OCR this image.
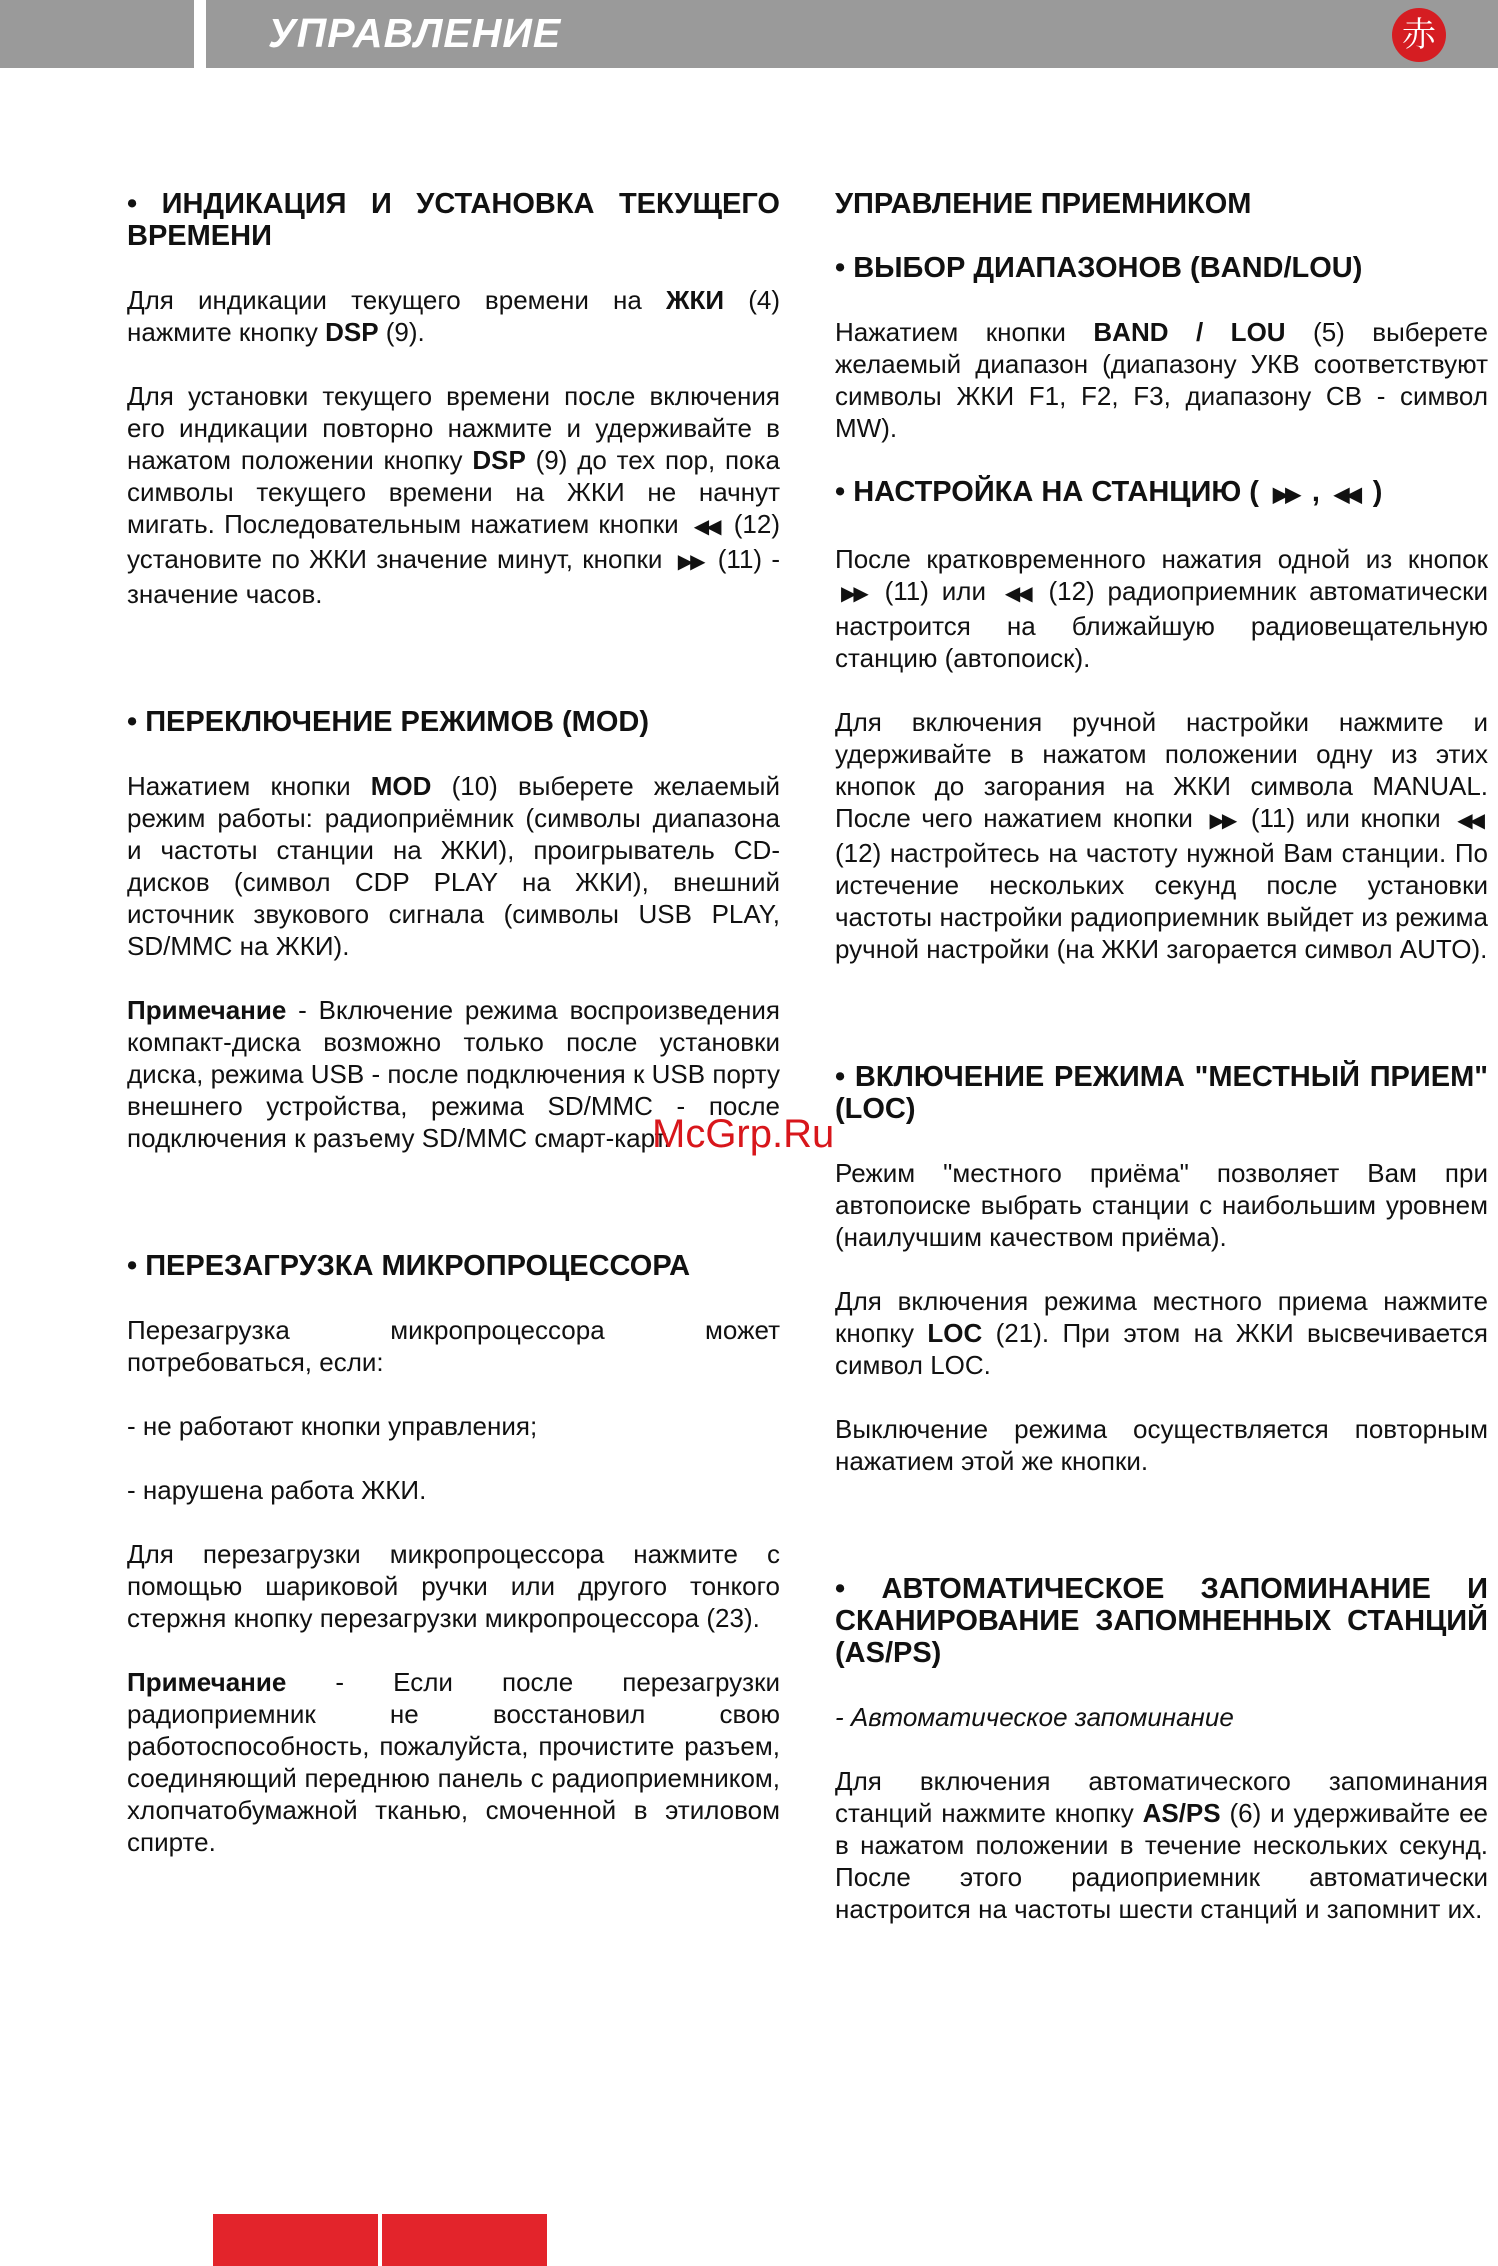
УПРАВЛЕНИЕ	赤

• ИНДИКАЦИЯ И УСТАНОВКА ТЕКУЩЕГО ВРЕМЕНИ

Для индикации текущего времени на ЖКИ (4) нажмите кнопку DSP (9).

Для установки текущего времени после включения его индикации повторно нажмите и удерживайте в нажатом положении кнопку DSP (9) до тех пор, пока символы текущего времени на ЖКИ не начнут мигать. Последовательным нажатием кнопки ◀◀ (12) установите по ЖКИ значение минут, кнопки ▶▶ (11) - значение часов.

• ПЕРЕКЛЮЧЕНИЕ РЕЖИМОВ (MOD)

Нажатием кнопки MOD (10) выберете желаемый режим работы: радиоприёмник (символы диапазона и частоты станции на ЖКИ), проигрыватель CD-дисков (символ CDP PLAY на ЖКИ), внешний источник звукового сигнала (символы USB PLAY, SD/MMC на ЖКИ).

Примечание - Включение режима воспроизведения компакт-диска возможно только после установки диска, режима USB - после подключения к USB порту внешнего устройства, режима SD/MMC - после подключения к разъему SD/MMC смарт-карт.

• ПЕРЕЗАГРУЗКА МИКРОПРОЦЕССОРА

Перезагрузка микропроцессора может потребоваться, если:

- не работают кнопки управления;

- нарушена работа ЖКИ.

Для перезагрузки микропроцессора нажмите с помощью шариковой ручки или другого тонкого стержня кнопку перезагрузки микропроцессора (23).

Примечание - Если после перезагрузки радиоприемник не восстановил свою работоспособность, пожалуйста, прочистите разъем, соединяющий переднюю панель с радиоприемником, хлопчатобумажной тканью, смоченной в этиловом спирте.

УПРАВЛЕНИЕ ПРИЕМНИКОМ

• ВЫБОР ДИАПАЗОНОВ (BAND/LOU)

Нажатием кнопки BAND / LOU (5) выберете желаемый диапазон (диапазону УКВ соответствуют символы ЖКИ F1, F2, F3, диапазону СВ - символ MW).

• НАСТРОЙКА НА СТАНЦИЮ ( ▶▶ , ◀◀ )

После кратковременного нажатия одной из кнопок ▶▶ (11) или ◀◀ (12) радиоприемник автоматически настроится на ближайшую радиовещательную станцию (автопоиск).

Для включения ручной настройки нажмите и удерживайте в нажатом положении одну из этих кнопок до загорания на ЖКИ символа MANUAL. После чего нажатием кнопки ▶▶ (11) или кнопки ◀◀ (12) настройтесь на частоту нужной Вам станции. По истечение нескольких секунд после установки частоты настройки радиоприемник выйдет из режима ручной настройки (на ЖКИ загорается символ AUTO).

• ВКЛЮЧЕНИЕ РЕЖИМА "МЕСТНЫЙ ПРИЕМ" (LOC)

Режим "местного приёма" позволяет Вам при автопоиске выбрать станции с наибольшим уровнем (наилучшим качеством приёма).

Для включения режима местного приема нажмите кнопку LOC (21). При этом на ЖКИ высвечивается символ LOC.

Выключение режима осуществляется повторным нажатием этой же кнопки.

• АВТОМАТИЧЕСКОЕ ЗАПОМИНАНИЕ И СКАНИРОВАНИЕ ЗАПОМНЕННЫХ СТАНЦИЙ (AS/PS)

- Автоматическое запоминание

Для включения автоматического запоминания станций нажмите кнопку AS/PS (6) и удерживайте ее в нажатом положении в течение нескольких секунд. После этого радиоприемник автоматически настроится на частоты шести станций и запомнит их.

McGrp.Ru
